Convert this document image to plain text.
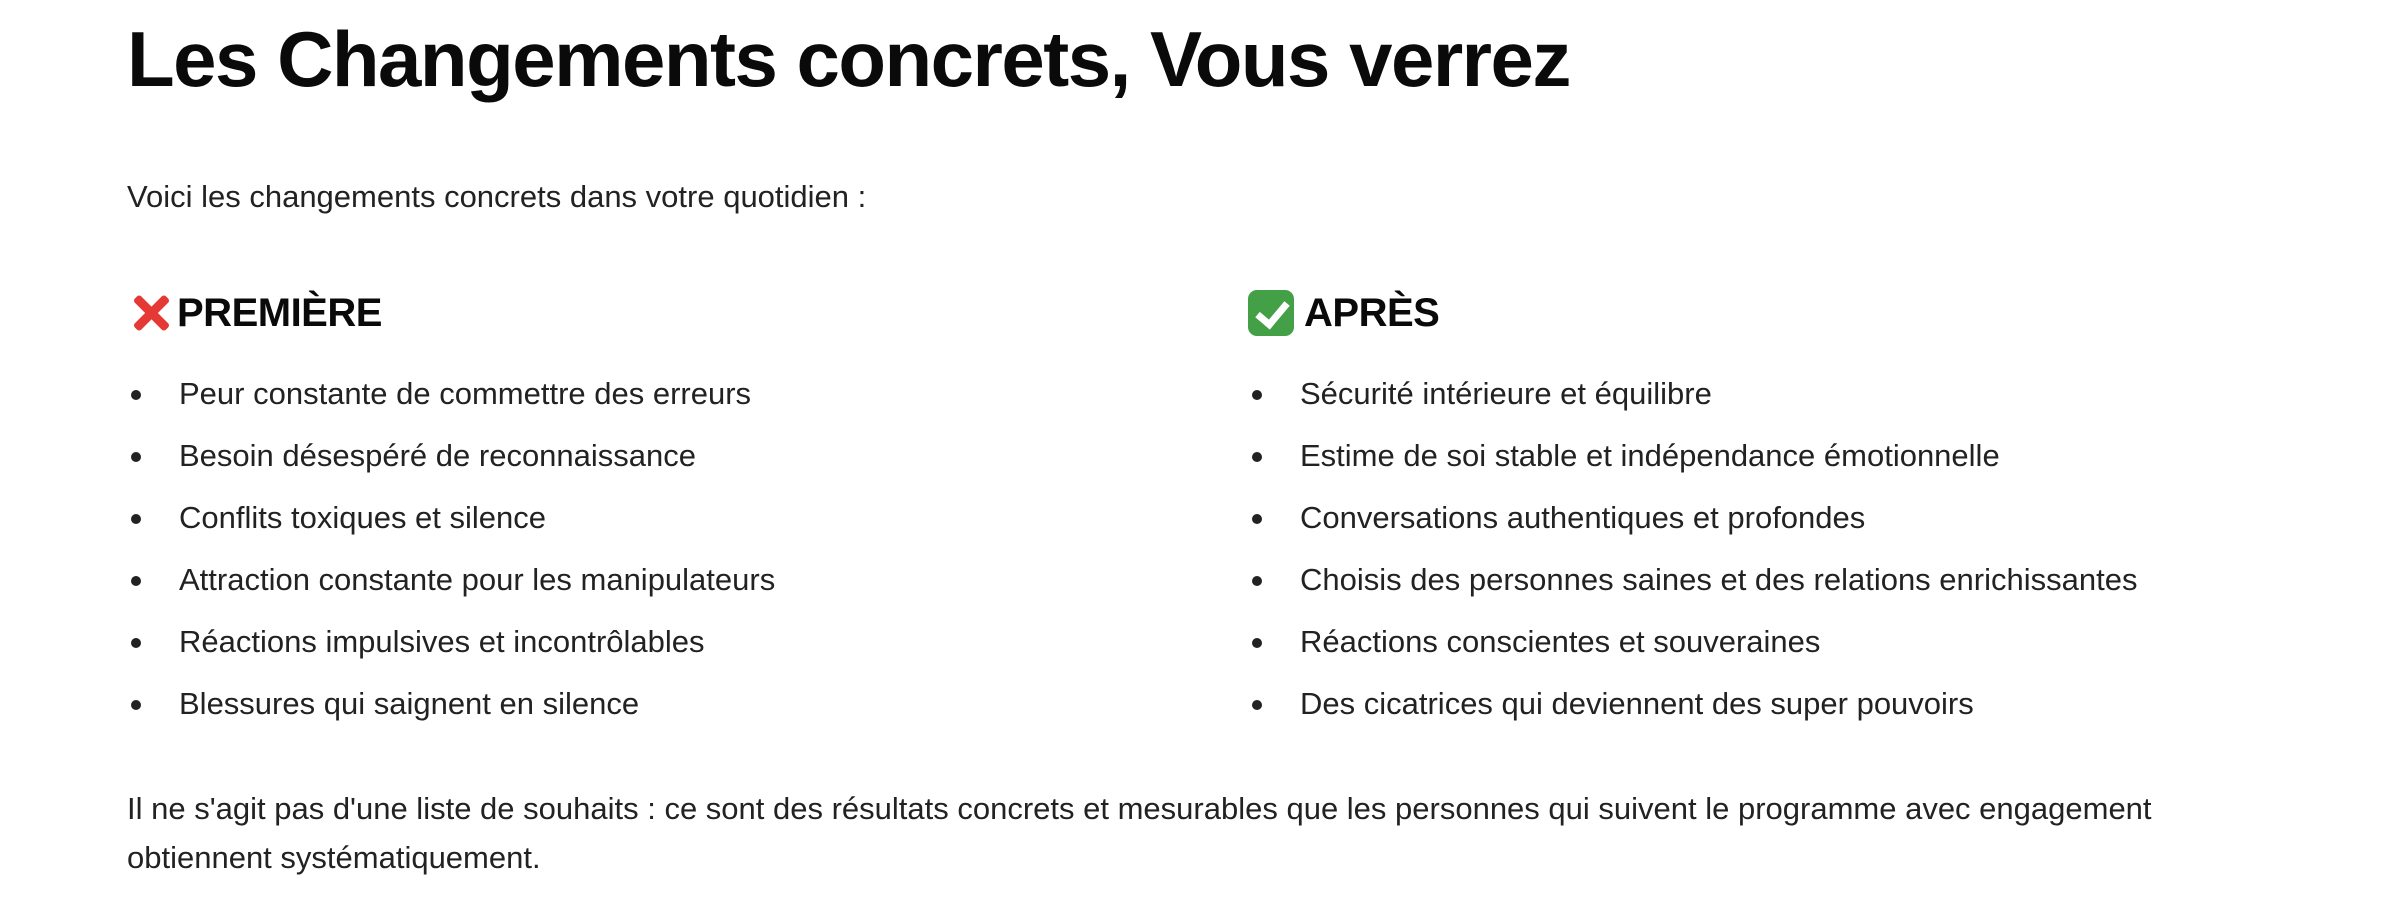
Les Changements concrets, Vous verrez

Voici les changements concrets dans votre quotidien :

PREMIÈRE
Peur constante de commettre des erreurs
Besoin désespéré de reconnaissance
Conflits toxiques et silence
Attraction constante pour les manipulateurs
Réactions impulsives et incontrôlables
Blessures qui saignent en silence
APRÈS
Sécurité intérieure et équilibre
Estime de soi stable et indépendance émotionnelle
Conversations authentiques et profondes
Choisis des personnes saines et des relations enrichissantes
Réactions conscientes et souveraines
Des cicatrices qui deviennent des super pouvoirs

Il ne s'agit pas d'une liste de souhaits : ce sont des résultats concrets et mesurables que les personnes qui suivent le programme avec engagement obtiennent systématiquement.
